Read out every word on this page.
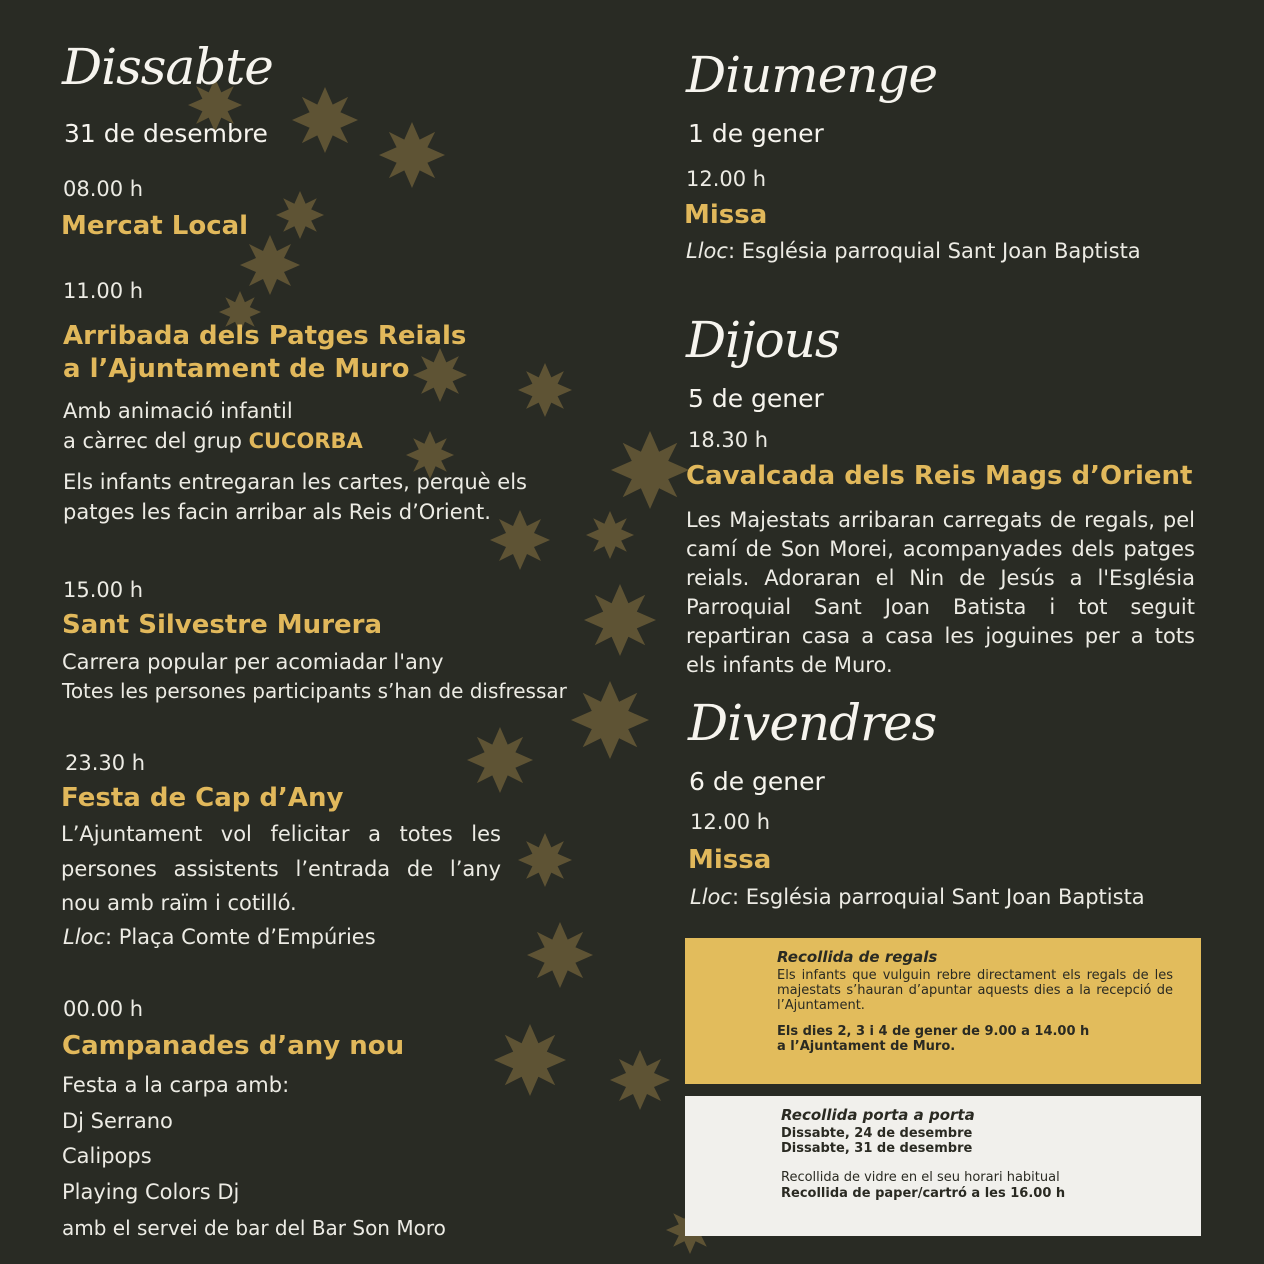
Dissabte
31 de desembre
08.00 h
Mercat Local
11.00 h
Arribada dels Patges Reials
a l’Ajuntament de Muro
Amb animació infantil
a càrrec del grup CUCORBA
Els infants entregaran les cartes, perquè els patges les facin arribar als Reis d’Orient.
15.00 h
Sant Silvestre Murera
Carrera popular per acomiadar l'any
Totes les persones participants s’han de disfressar
23.30 h
Festa de Cap d’Any
L’Ajuntament vol felicitar a totes les persones assistents l’entrada de l’any nou amb raïm i cotilló.
Lloc: Plaça Comte d’Empúries
00.00 h
Campanades d’any nou
Festa a la carpa amb:
Dj Serrano
Calipops
Playing Colors Dj
amb el servei de bar del Bar Son Moro
Diumenge
1 de gener
12.00 h
Missa
Lloc: Església parroquial Sant Joan Baptista
Dijous
5 de gener
18.30 h
Cavalcada dels Reis Mags d’Orient
Les Majestats arribaran carregats de regals, pel camí de Son Morei, acompanyades dels patges reials. Adoraran el Nin de Jesús a l'Església Parroquial Sant Joan Batista i tot seguit repartiran casa a casa les joguines per a tots els infants de Muro.
Divendres
6 de gener
12.00 h
Missa
Lloc: Església parroquial Sant Joan Baptista
Recollida de regals
Els infants que vulguin rebre directament els regals de les majestats s’hauran d’apuntar aquests dies a la recepció de l’Ajuntament.
Els dies 2, 3 i 4 de gener de 9.00 a 14.00 h
a l’Ajuntament de Muro.
Recollida porta a porta
Dissabte, 24 de desembre
Dissabte, 31 de desembre
Recollida de vidre en el seu horari habitual
Recollida de paper/cartró a les 16.00 h
